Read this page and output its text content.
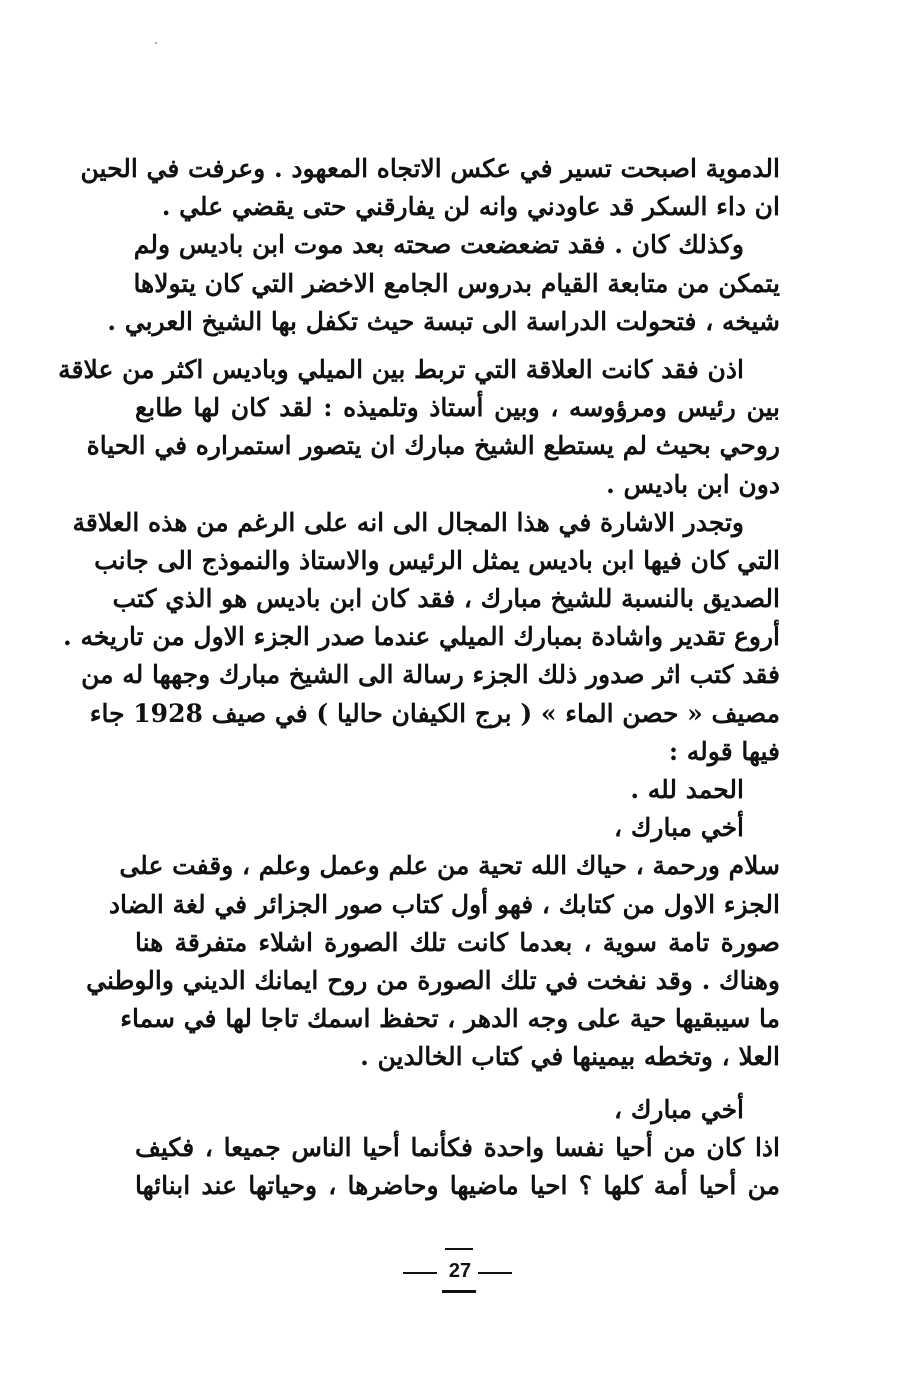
الدموية اصبحت تسير في عكس الاتجاه المعهود . وعرفت في الحين
ان داء السكر قد عاودني وانه لن يفارقني حتى يقضي علي .
وكذلك كان . فقد تضعضعت صحته بعد موت ابن باديس ولم
يتمكن من متابعة القيام بدروس الجامع الاخضر التي كان يتولاها
شيخه ، فتحولت الدراسة الى تبسة حيث تكفل بها الشيخ العربي .
اذن فقد كانت العلاقة التي تربط بين الميلي وباديس اكثر من علاقة
بين رئيس ومرؤوسه ، وبين أستاذ وتلميذه : لقد كان لها طابع
روحي بحيث لم يستطع الشيخ مبارك ان يتصور استمراره في الحياة
دون ابن باديس .
وتجدر الاشارة في هذا المجال الى انه على الرغم من هذه العلاقة
التي كان فيها ابن باديس يمثل الرئيس والاستاذ والنموذج الى جانب
الصديق بالنسبة للشيخ مبارك ، فقد كان ابن باديس هو الذي كتب
أروع تقدير واشادة بمبارك الميلي عندما صدر الجزء الاول من تاريخه .
فقد كتب اثر صدور ذلك الجزء رسالة الى الشيخ مبارك وجهها له من
مصيف « حصن الماء » ( برج الكيفان حاليا ) في صيف 1928 جاء
فيها قوله :
الحمد لله .
أخي مبارك ،
سلام ورحمة ، حياك الله تحية من علم وعمل وعلم ، وقفت على
الجزء الاول من كتابك ، فهو أول كتاب صور الجزائر في لغة الضاد
صورة تامة سوية ، بعدما كانت تلك الصورة اشلاء متفرقة هنا
وهناك . وقد نفخت في تلك الصورة من روح ايمانك الديني والوطني
ما سيبقيها حية على وجه الدهر ، تحفظ اسمك تاجا لها في سماء
العلا ، وتخطه بيمينها في كتاب الخالدين .
أخي مبارك ،
اذا كان من أحيا نفسا واحدة فكأنما أحيا الناس جميعا ، فكيف
من أحيا أمة كلها ؟ احيا ماضيها وحاضرها ، وحياتها عند ابنائها
27
